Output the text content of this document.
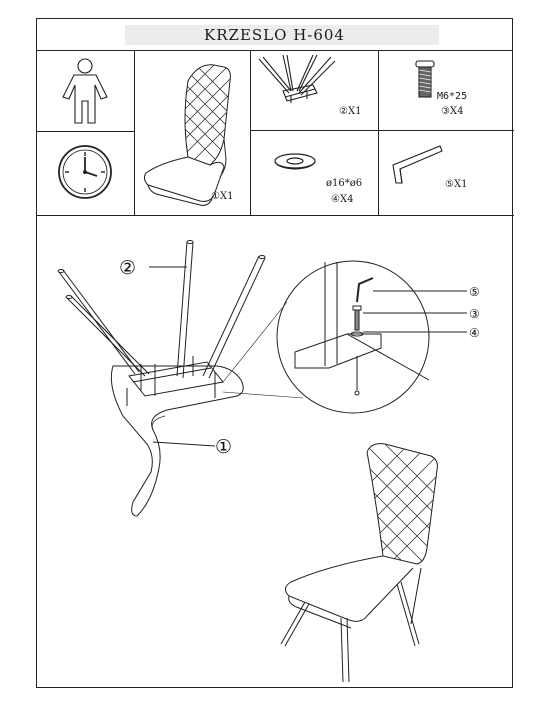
KRZESLO H-604
①X1
②X1
M6*25
③X4
ø16*ø6
④X4
⑤X1
②
①
⑤
③
④
